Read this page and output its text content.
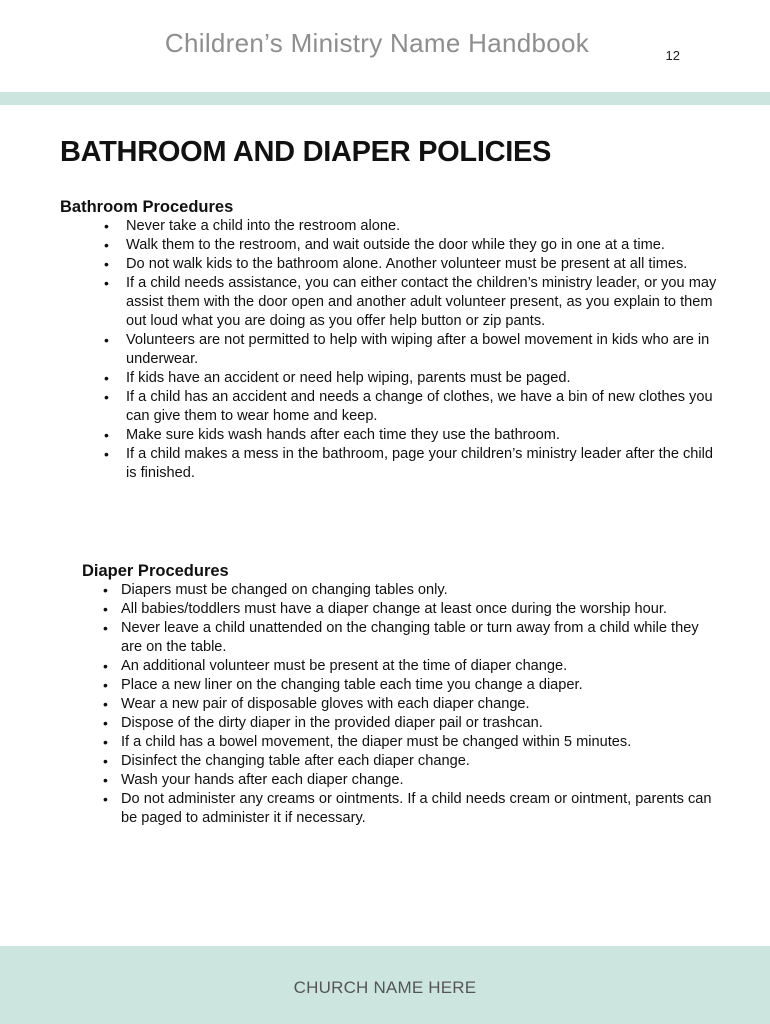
Children’s Ministry Name Handbook	12
BATHROOM AND DIAPER POLICIES
Bathroom Procedures
• Never take a child into the restroom alone.
• Walk them to the restroom, and wait outside the door while they go in one at a time.
• Do not walk kids to the bathroom alone. Another volunteer must be present at all times.
• If a child needs assistance, you can either contact the children’s ministry leader, or you may assist them with the door open and another adult volunteer present, as you explain to them out loud what you are doing as you offer help button or zip pants.
• Volunteers are not permitted to help with wiping after a bowel movement in kids who are in underwear.
• If kids have an accident or need help wiping, parents must be paged.
• If a child has an accident and needs a change of clothes, we have a bin of new clothes you can give them to wear home and keep.
• Make sure kids wash hands after each time they use the bathroom.
• If a child makes a mess in the bathroom, page your children’s ministry leader after the child is finished.
Diaper Procedures
• Diapers must be changed on changing tables only.
• All babies/toddlers must have a diaper change at least once during the worship hour.
• Never leave a child unattended on the changing table or turn away from a child while they are on the table.
• An additional volunteer must be present at the time of diaper change.
• Place a new liner on the changing table each time you change a diaper.
• Wear a new pair of disposable gloves with each diaper change.
• Dispose of the dirty diaper in the provided diaper pail or trashcan.
• If a child has a bowel movement, the diaper must be changed within 5 minutes.
• Disinfect the changing table after each diaper change.
• Wash your hands after each diaper change.
• Do not administer any creams or ointments. If a child needs cream or ointment, parents can be paged to administer it if necessary.
CHURCH NAME HERE
